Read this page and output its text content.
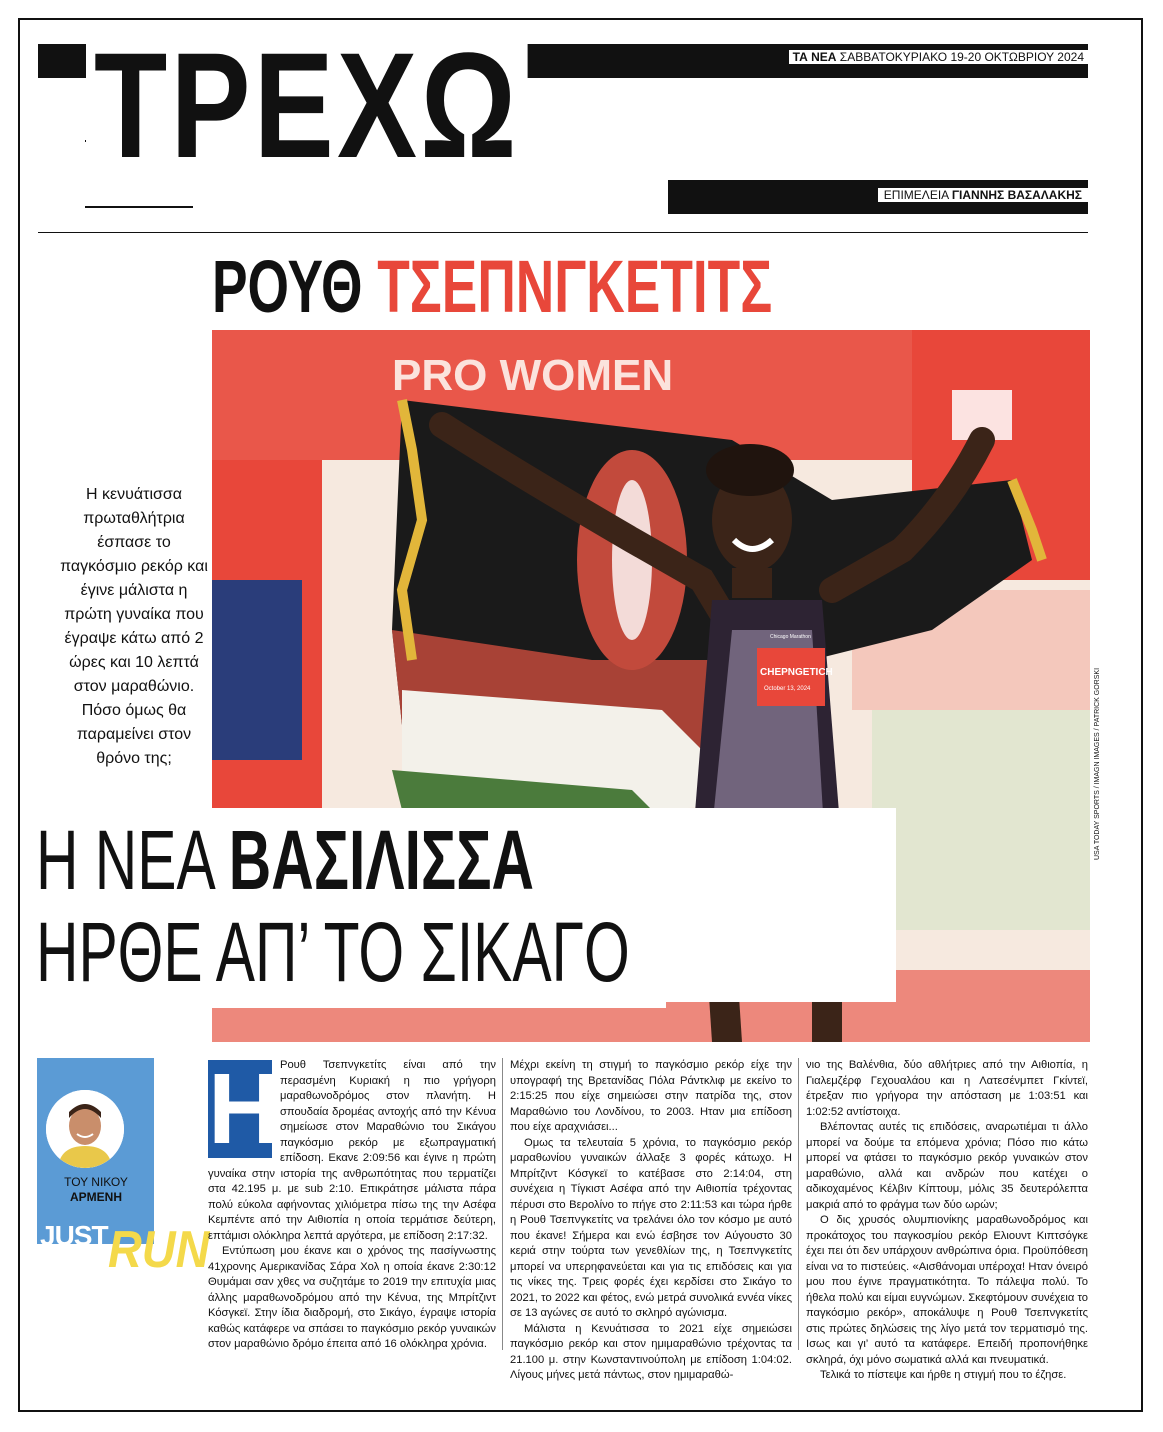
ΤΡΕΧΩ	ΤΑ ΝΕΑ ΣΑΒΒΑΤΟΚΥΡΙΑΚΟ 19-20 ΟΚΤΩΒΡΙΟΥ 2024
ΕΠΙΜΕΛΕΙΑ ΓΙΑΝΝΗΣ ΒΑΣΑΛΑΚΗΣ
ΡΟΥΘ ΤΣΕΠΝΓΚΕΤΙΤΣ
PRO WOMEN
CHEPNGETICH
October 13, 2024
Chicago Marathon
USA TODAY SPORTS / IMAGN IMAGES / PATRICK GORSKI
Η κενυάτισσα πρωταθλήτρια έσπασε το παγκόσμιο ρεκόρ και έγινε μάλιστα η πρώτη γυναίκα που έγραψε κάτω από 2 ώρες και 10 λεπτά στον μαραθώνιο. Πόσο όμως θα παραμείνει στον θρόνο της;
Η ΝΕΑ ΒΑΣΙΛΙΣΣΑ
ΗΡΘΕ ΑΠ’ ΤΟ ΣΙΚΑΓΟ
ΤΟΥ ΝΙΚΟΥ
ΑΡΜΕΝΗ
JUST RUN
Η Ρουθ Τσεπνγκετίτς είναι από την περασμένη Κυριακή η πιο γρήγορη μαραθωνοδρόμος στον πλανήτη. Η σπουδαία δρομέας αντοχής από την Κένυα σημείωσε στον Μαραθώνιο του Σικάγου παγκόσμιο ρεκόρ με εξωπραγματική επίδοση. Εκανε 2:09:56 και έγινε η πρώτη γυναίκα στην ιστορία της ανθρωπότητας που τερματίζει στα 42.195 μ. με sub 2:10. Επικράτησε μάλιστα πάρα πολύ εύκολα αφήνοντας χιλιόμετρα πίσω της την Ασέφα Κεμπέντε από την Αιθιοπία η οποία τερμάτισε δεύτερη, επτάμισι ολόκληρα λεπτά αργότερα, με επίδοση 2:17:32.

Εντύπωση μου έκανε και ο χρόνος της πασίγνωστης 41χρονης Αμερικανίδας Σάρα Χολ η οποία έκανε 2:30:12 Θυμάμαι σαν χθες να συζητάμε το 2019 την επιτυχία μιας άλλης μαραθωνοδρόμου από την Κένυα, της Μπρίτζιντ Κόσγκεϊ. Στην ίδια διαδρομή, στο Σικάγο, έγραψε ιστορία καθώς κατάφερε να σπάσει το παγκόσμιο ρεκόρ γυναικών στον μαραθώνιο δρόμο έπειτα από 16 ολόκληρα χρόνια.

Μέχρι εκείνη τη στιγμή το παγκόσμιο ρεκόρ είχε την υπογραφή της Βρετανίδας Πόλα Ράντκλιφ με εκείνο το 2:15:25 που είχε σημειώσει στην πατρίδα της, στον Μαραθώνιο του Λονδίνου, το 2003. Ηταν μια επίδοση που είχε αραχνιάσει...

Ομως τα τελευταία 5 χρόνια, το παγκόσμιο ρεκόρ μαραθωνίου γυναικών άλλαξε 3 φορές κάτωχο. Η Μπρίτζιντ Κόσγκεϊ το κατέβασε στο 2:14:04, στη συνέχεια η Τίγκιστ Ασέφα από την Αιθιοπία τρέχοντας πέρυσι στο Βερολίνο το πήγε στο 2:11:53 και τώρα ήρθε η Ρουθ Τσεπνγκετίτς να τρελάνει όλο τον κόσμο με αυτό που έκανε! Σήμερα και ενώ έσβησε τον Αύγουστο 30 κεριά στην τούρτα των γενεθλίων της, η Τσεπνγκετίτς μπορεί να υπερηφανεύεται και για τις επιδόσεις και για τις νίκες της. Τρεις φορές έχει κερδίσει στο Σικάγο το 2021, το 2022 και φέτος, ενώ μετρά συνολικά εννέα νίκες σε 13 αγώνες σε αυτό το σκληρό αγώνισμα.

Μάλιστα η Κενυάτισσα το 2021 είχε σημειώσει παγκόσμιο ρεκόρ και στον ημιμαραθώνιο τρέχοντας τα 21.100 μ. στην Κωνσταντινούπολη με επίδοση 1:04:02. Λίγους μήνες μετά πάντως, στον ημιμαραθώ-

νιο της Βαλένθια, δύο αθλήτριες από την Αιθιοπία, η Γιαλεμζέρφ Γεχουαλάου και η Λατεσένμπετ Γκίντεϊ, έτρεξαν πιο γρήγορα την απόσταση με 1:03:51 και 1:02:52 αντίστοιχα.

Βλέποντας αυτές τις επιδόσεις, αναρωτιέμαι τι άλλο μπορεί να δούμε τα επόμενα χρόνια; Πόσο πιο κάτω μπορεί να φτάσει το παγκόσμιο ρεκόρ γυναικών στον μαραθώνιο, αλλά και ανδρών που κατέχει ο αδικοχαμένος Κέλβιν Κίπτουμ, μόλις 35 δευτερόλεπτα μακριά από το φράγμα των δύο ωρών;

Ο δις χρυσός ολυμπιονίκης μαραθωνοδρόμος και προκάτοχος του παγκοσμίου ρεκόρ Ελιουντ Κιπτσόγκε έχει πει ότι δεν υπάρχουν ανθρώπινα όρια. Προϋπόθεση είναι να το πιστεύεις. «Αισθάνομαι υπέροχα! Ηταν όνειρό μου που έγινε πραγματικότητα. Το πάλεψα πολύ. Το ήθελα πολύ και είμαι ευγνώμων. Σκεφτόμουν συνέχεια το παγκόσμιο ρεκόρ», αποκάλυψε η Ρουθ Τσεπνγκετίτς στις πρώτες δηλώσεις της λίγο μετά τον τερματισμό της. Ισως και γι’ αυτό τα κατάφερε. Επειδή προπονήθηκε σκληρά, όχι μόνο σωματικά αλλά και πνευματικά.

Τελικά το πίστεψε και ήρθε η στιγμή που το έζησε.
